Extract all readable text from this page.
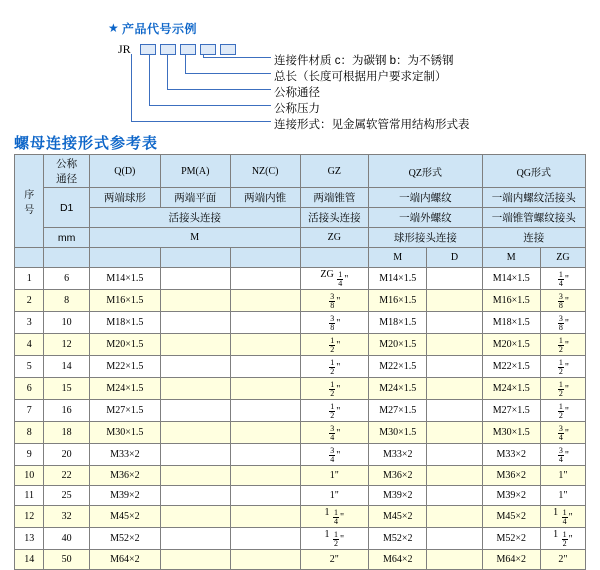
★ 产品代号示例
JR
连接件材质 c：为碳钢 b：为不锈钢
总长（长度可根据用户要求定制）
公称通径
公称压力
连接形式：见金属软管常用结构形式表
螺母连接形式参考表
序
号

公称
通径
	Q(D)	PM(A)	NZ(C)	GZ	QZ形式	QG形式
	D1	两端球形	两端平面	两端内锥	两端锥管	一端内螺纹		一端内螺纹活接头	
		活接头连接			活接头连接	一端外螺纹		一端锥管螺纹接头	
	mm	M			ZG	球形接头连接		连接	
						M	D	M	ZG
1	6	M14×1.5			ZG $\frac{1}{4}$ "	M14×1.5		M14×1.5	$\frac{1}{4}$ "

2	8	M16×1.5			$\frac{3}{8}$ "	M16×1.5		M16×1.5	$\frac{3}{8}$ "

3	10	M18×1.5			$\frac{3}{8}$ "	M18×1.5		M18×1.5	$\frac{3}{8}$ "

4	12	M20×1.5			$\frac{1}{2}$ "	M20×1.5		M20×1.5	$\frac{1}{2}$ "

5	14	M22×1.5			$\frac{1}{2}$ "	M22×1.5		M22×1.5	$\frac{1}{2}$ "

6	15	M24×1.5			$\frac{1}{2}$ "	M24×1.5		M24×1.5	$\frac{1}{2}$ "

7	16	M27×1.5			$\frac{1}{2}$ "	M27×1.5		M27×1.5	$\frac{1}{2}$ "

8	18	M30×1.5			$\frac{3}{4}$ "	M30×1.5		M30×1.5	$\frac{3}{4}$ "

9	20	M33×2			$\frac{3}{4}$ "	M33×2		M33×2	$\frac{3}{4}$ "

10	22	M36×2			1"	M36×2		M36×2	1"
11	25	M39×2			1"	M39×2		M39×2	1"
12	32	M45×2			$1 \frac{1}{4}$ "	M45×2		M45×2	$1 \frac{1}{4}$ "

13	40	M52×2			$1 \frac{1}{2}$ "	M52×2		M52×2	$1 \frac{1}{2}$ "

14	50	M64×2			2"	M64×2		M64×2	2"
